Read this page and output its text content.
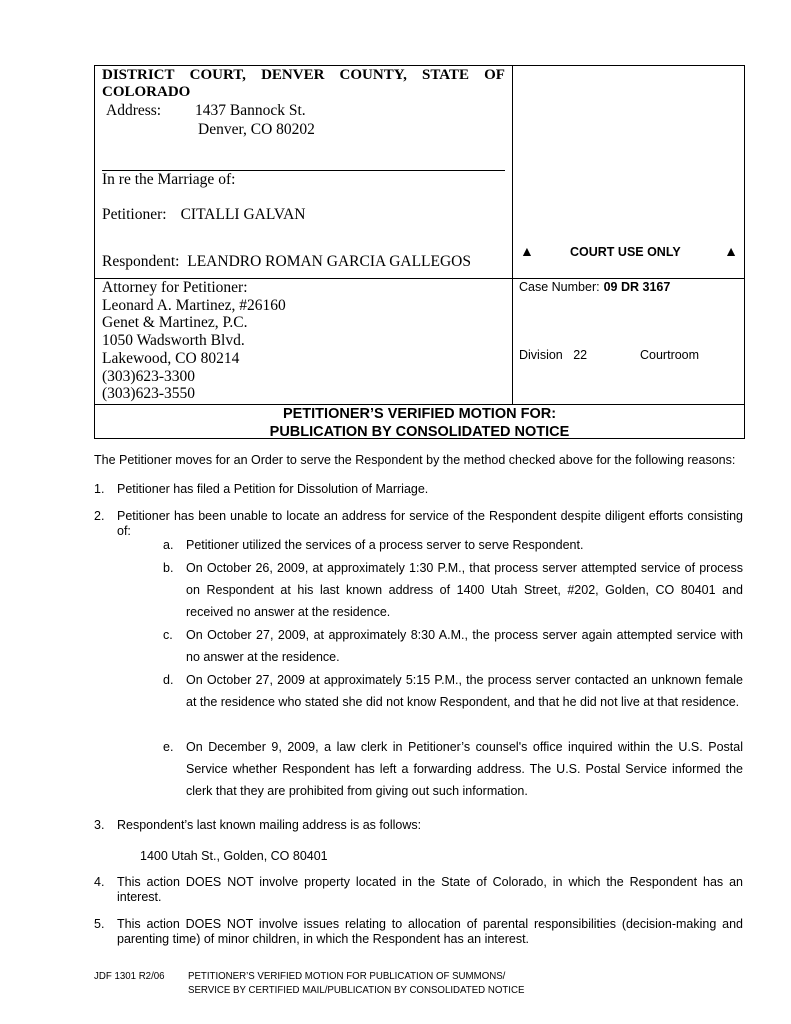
DISTRICT COURT, DENVER COUNTY, STATE OF
COLORADO
Address: 1437 Bannock St.
Denver, CO 80202
In re the Marriage of:
Petitioner: CITALLI GALVAN
Respondent: LEANDRO ROMAN GARCIA GALLEGOS
▲	COURT USE ONLY	▲
Attorney for Petitioner:
Leonard A. Martinez, #26160
Genet & Martinez, P.C.
1050 Wadsworth Blvd.
Lakewood, CO 80214
(303)623-3300
(303)623-3550
Case Number: 09 DR 3167
Division 22	Courtroom
PETITIONER’S VERIFIED MOTION FOR:
PUBLICATION BY CONSOLIDATED NOTICE
The Petitioner moves for an Order to serve the Respondent by the method checked above for the following reasons:
1. Petitioner has filed a Petition for Dissolution of Marriage.
2. Petitioner has been unable to locate an address for service of the Respondent despite diligent efforts consisting of:
a. Petitioner utilized the services of a process server to serve Respondent.
b. On October 26, 2009, at approximately 1:30 P.M., that process server attempted service of process on Respondent at his last known address of 1400 Utah Street, #202, Golden, CO 80401 and received no answer at the residence.
c. On October 27, 2009, at approximately 8:30 A.M., the process server again attempted service with no answer at the residence.
d. On October 27, 2009 at approximately 5:15 P.M., the process server contacted an unknown female at the residence who stated she did not know Respondent, and that he did not live at that residence.
e. On December 9, 2009, a law clerk in Petitioner’s counsel's office inquired within the U.S. Postal Service whether Respondent has left a forwarding address. The U.S. Postal Service informed the clerk that they are prohibited from giving out such information.
3. Respondent’s last known mailing address is as follows:
1400 Utah St., Golden, CO 80401
4. This action DOES NOT involve property located in the State of Colorado, in which the Respondent has an interest.
5. This action DOES NOT involve issues relating to allocation of parental responsibilities (decision-making and parenting time) of minor children, in which the Respondent has an interest.
JDF 1301 R2/06 PETITIONER’S VERIFIED MOTION FOR PUBLICATION OF SUMMONS/
SERVICE BY CERTIFIED MAIL/PUBLICATION BY CONSOLIDATED NOTICE
